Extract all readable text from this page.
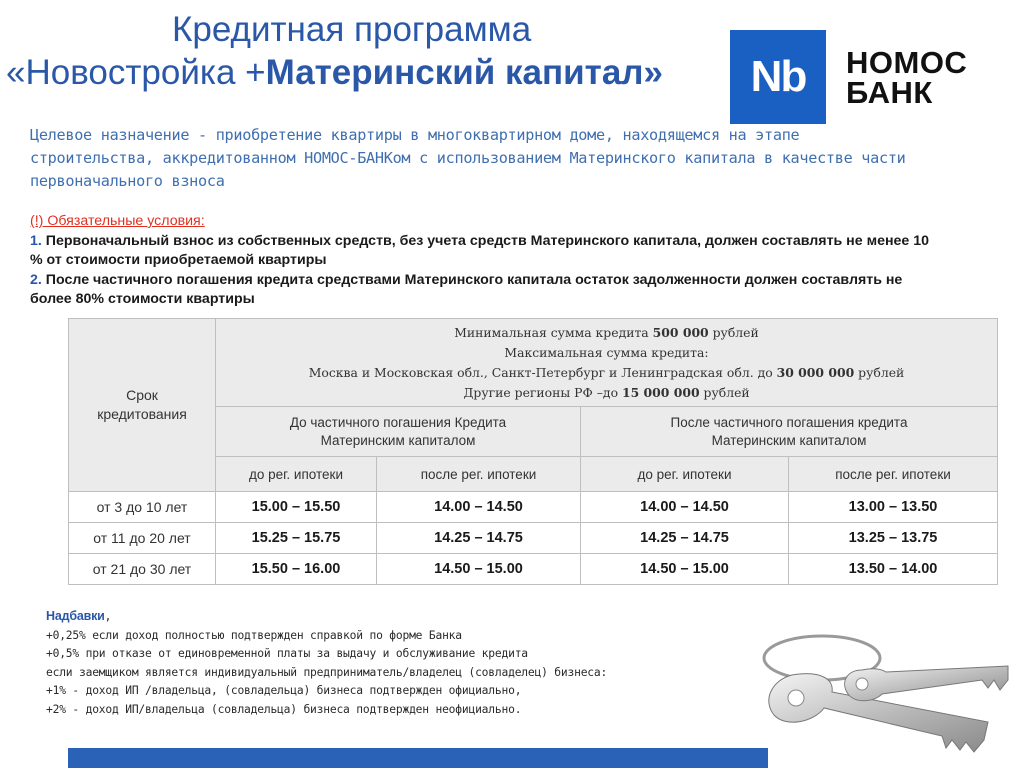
Кредитная программа
«Новостройка +Материнский капитал»	Nb	НОМОС
БАНК
Целевое назначение - приобретение квартиры в многоквартирном доме, находящемся на этапе строительства, аккредитованном НОМОС-БАНКом с использованием Материнского капитала в качестве части первоначального взноса
(!) Обязательные условия:
1. Первоначальный взнос из собственных средств, без учета средств Материнского капитала, должен составлять не менее 10 % от стоимости приобретаемой квартиры
2. После частичного погашения кредита средствами Материнского капитала остаток задолженности должен составлять не более 80% стоимости квартиры
Срок кредитования	Минимальная сумма кредита 500 000 рублей
Максимальная сумма кредита:
Москва и Московская обл., Санкт-Петербург и Ленинградская обл. до 30 000 000 рублей
Другие регионы РФ –до 15 000 000 рублей			

	До частичного погашения Кредита Материнским капиталом		После частичного погашения кредита Материнским капиталом	

	до рег. ипотеки	после рег. ипотеки	до рег. ипотеки	после рег. ипотеки
от 3 до 10 лет	15.00 – 15.50	14.00 – 14.50	14.00 – 14.50	13.00 – 13.50
от 11 до 20 лет	15.25 – 15.75	14.25 – 14.75	14.25 – 14.75	13.25 – 13.75
от 21 до 30 лет	15.50 – 16.00	14.50 – 15.00	14.50 – 15.00	13.50 – 14.00
Надбавки,
+0,25% если доход полностью подтвержден справкой по форме Банка
+0,5% при отказе от единовременной платы за выдачу и обслуживание кредита
если заемщиком является индивидуальный предприниматель/владелец (совладелец) бизнеса:
+1% - доход ИП /владельца, (совладельца) бизнеса подтвержден официально,
+2% - доход ИП/владельца (совладельца) бизнеса подтвержден неофициально.
